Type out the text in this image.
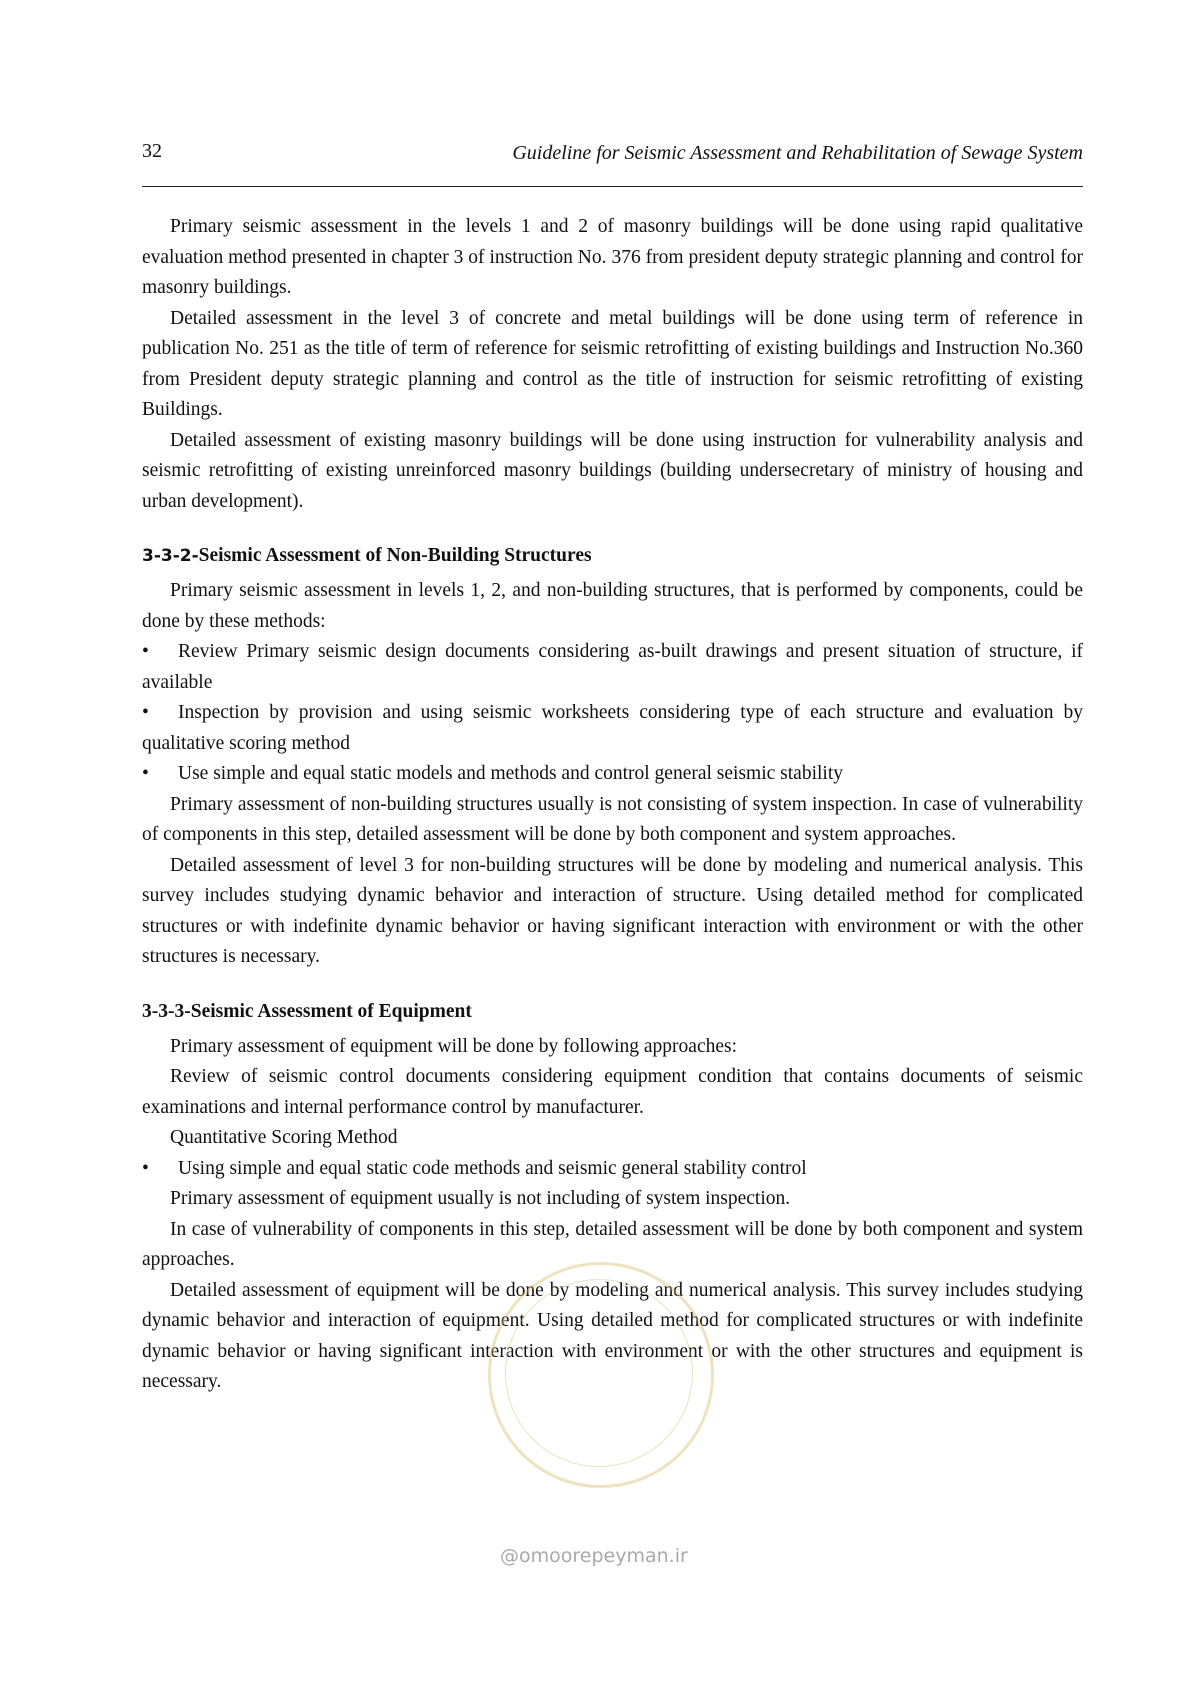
32	Guideline for Seismic Assessment and Rehabilitation of Sewage System

Primary seismic assessment in the levels 1 and 2 of masonry buildings will be done using rapid qualitative evaluation method presented in chapter 3 of instruction No. 376 from president deputy strategic planning and control for masonry buildings.

Detailed assessment in the level 3 of concrete and metal buildings will be done using term of reference in publication No. 251 as the title of term of reference for seismic retrofitting of existing buildings and Instruction No.360 from President deputy strategic planning and control as the title of instruction for seismic retrofitting of existing Buildings.

Detailed assessment of existing masonry buildings will be done using instruction for vulnerability analysis and seismic retrofitting of existing unreinforced masonry buildings (building undersecretary of ministry of housing and urban development).

3-3-2-Seismic Assessment of Non-Building Structures

Primary seismic assessment in levels 1, 2, and non-building structures, that is performed by components, could be done by these methods:

• Review Primary seismic design documents considering as-built drawings and present situation of structure, if available

• Inspection by provision and using seismic worksheets considering type of each structure and evaluation by qualitative scoring method

• Use simple and equal static models and methods and control general seismic stability

Primary assessment of non-building structures usually is not consisting of system inspection. In case of vulnerability of components in this step, detailed assessment will be done by both component and system approaches.

Detailed assessment of level 3 for non-building structures will be done by modeling and numerical analysis. This survey includes studying dynamic behavior and interaction of structure. Using detailed method for complicated structures or with indefinite dynamic behavior or having significant interaction with environment or with the other structures is necessary.

3-3-3-Seismic Assessment of Equipment

Primary assessment of equipment will be done by following approaches:

Review of seismic control documents considering equipment condition that contains documents of seismic examinations and internal performance control by manufacturer.

Quantitative Scoring Method

• Using simple and equal static code methods and seismic general stability control

Primary assessment of equipment usually is not including of system inspection.

In case of vulnerability of components in this step, detailed assessment will be done by both component and system approaches.

Detailed assessment of equipment will be done by modeling and numerical analysis. This survey includes studying dynamic behavior and interaction of equipment. Using detailed method for complicated structures or with indefinite dynamic behavior or having significant interaction with environment or with the other structures and equipment is necessary.

@omoorepeyman.ir
